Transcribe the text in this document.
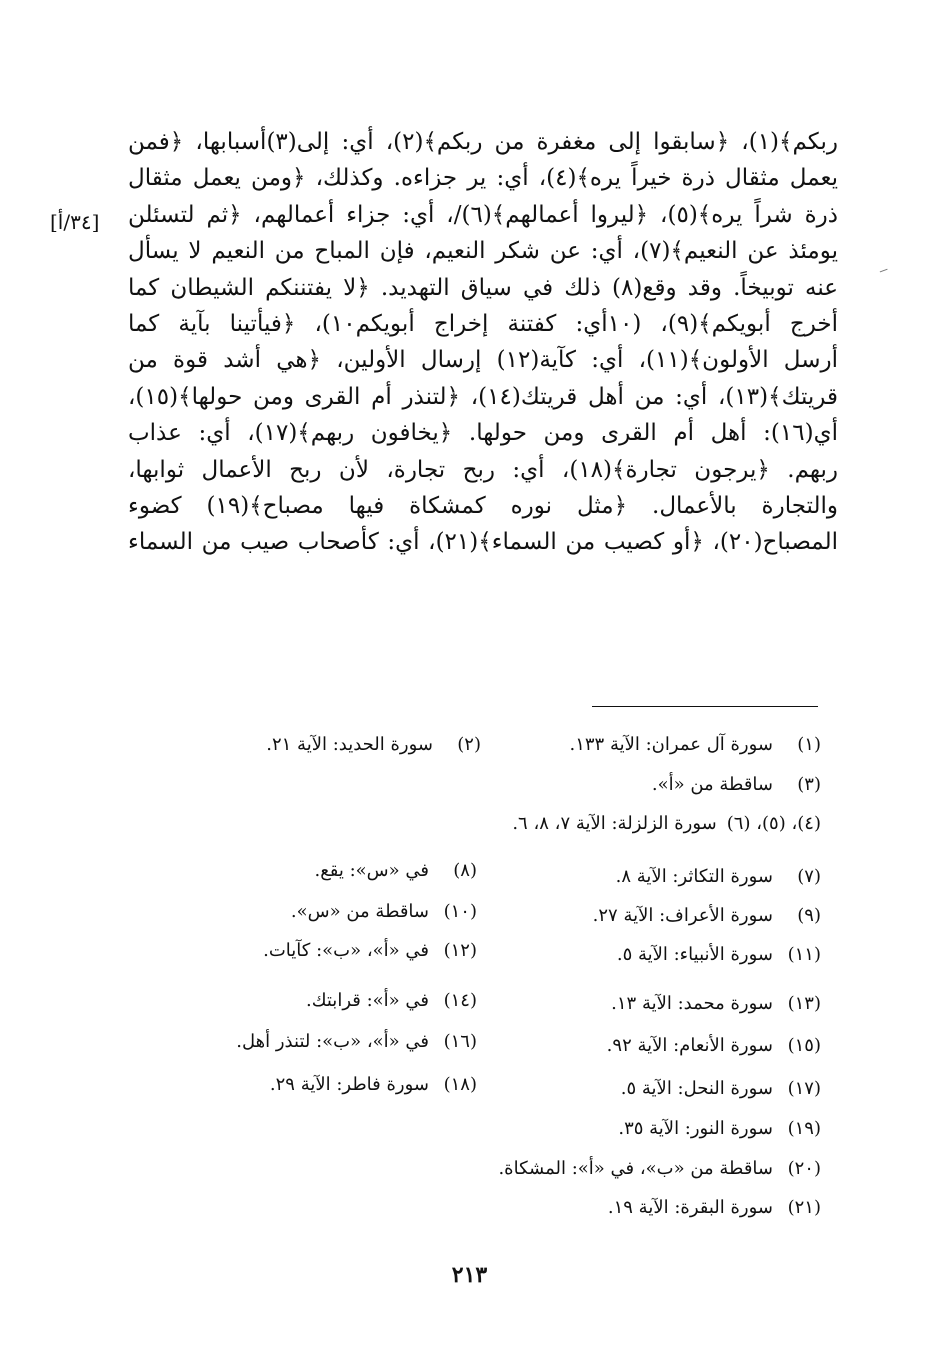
ربكم﴾(١)، ﴿سابقوا إلى مغفرة من ربكم﴾(٢)، أي: إلى(٣)أسبابها، ﴿فمن
يعمل مثقال ذرة خيراً يره﴾(٤)، أي: ير جزاءه. وكذلك، ﴿ومن يعمل مثقال
ذرة شراً يره﴾(٥)، ﴿ليروا أعمالهم﴾(٦)/، أي: جزاء أعمالهم، ﴿ثم لتسئلن
يومئذ عن النعيم﴾(٧)، أي: عن شكر النعيم، فإن المباح من النعيم لا يسأل
عنه توبيخاً. وقد وقع(٨) ذلك في سياق التهديد. ﴿لا يفتننكم الشيطان كما
أخرج أبويكم﴾(٩)، (١٠أي: كفتنة إخراج أبويكم١٠)، ﴿فيأتينا بآية كما
أرسل الأولون﴾(١١)، أي: كآية(١٢) إرسال الأولين، ﴿هي أشد قوة من
قريتك﴾(١٣)، أي: من أهل قريتك(١٤)، ﴿لتنذر أم القرى ومن حولها﴾(١٥)،
أي(١٦): أهل أم القرى ومن حولها. ﴿يخافون ربهم﴾(١٧)، أي: عذاب
ربهم. ﴿يرجون تجارة﴾(١٨)، أي: ربح تجارة، لأن ربح الأعمال ثوابها،
والتجارة بالأعمال. ﴿مثل نوره كمشكاة فيها مصباح﴾(١٩) كضوء
المصباح(٢٠)، ﴿أو كصيب من السماء﴾(٢١)، أي: كأصحاب صيب من السماء
[٣٤/أ]
(١)سورة آل عمران: الآية ١٣٣.
(٢)سورة الحديد: الآية ٢١.
(٣)ساقطة من «أ».
(٤)، (٥)، (٦)سورة الزلزلة: الآية ٧، ٨، ٦.
(٧)سورة التكاثر: الآية ٨.
(٨)في «س»: يقع.
(٩)سورة الأعراف: الآية ٢٧.
(١٠)ساقطة من «س».
(١١)سورة الأنبياء: الآية ٥.
(١٢)في «أ»، «ب»: كآيات.
(١٣)سورة محمد: الآية ١٣.
(١٤)في «أ»: قرابتك.
(١٥)سورة الأنعام: الآية ٩٢.
(١٦)في «أ»، «ب»: لتنذر أهل.
(١٧)سورة النحل: الآية ٥.
(١٨)سورة فاطر: الآية ٢٩.
(١٩)سورة النور: الآية ٣٥.
(٢٠)ساقطة من «ب»، في «أ»: المشكاة.
(٢١)سورة البقرة: الآية ١٩.
٢١٣
